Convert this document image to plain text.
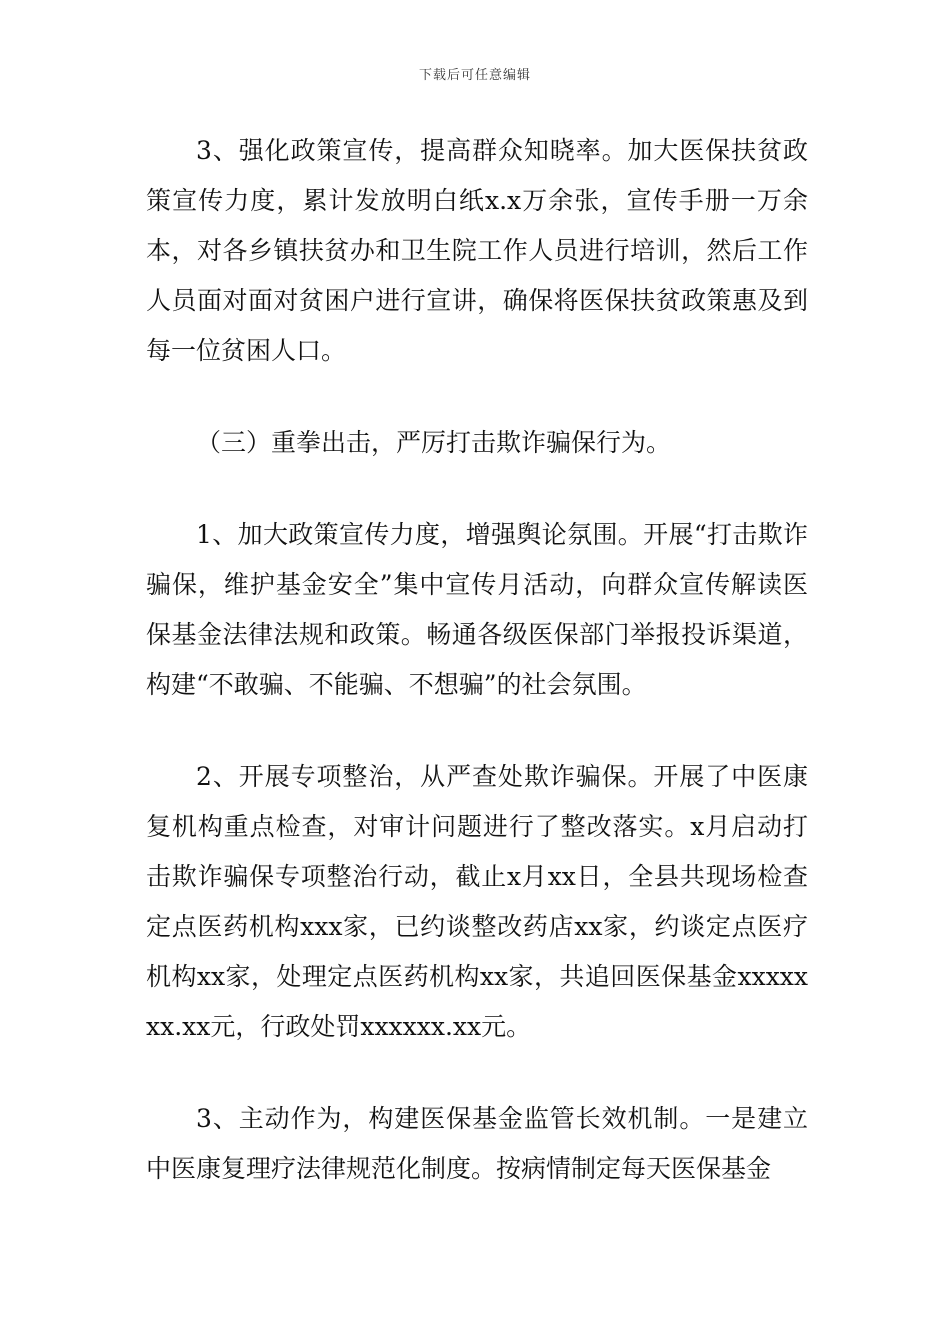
下载后可任意编辑

3、强化政策宣传，提高群众知晓率。加大医保扶贫政策宣传力度，累计发放明白纸x.x万余张，宣传手册一万余本，对各乡镇扶贫办和卫生院工作人员进行培训，然后工作人员面对面对贫困户进行宣讲，确保将医保扶贫政策惠及到每一位贫困人口。

（三）重拳出击，严厉打击欺诈骗保行为。

1、加大政策宣传力度，增强舆论氛围。开展“打击欺诈骗保，维护基金安全”集中宣传月活动，向群众宣传解读医保基金法律法规和政策。畅通各级医保部门举报投诉渠道，构建“不敢骗、不能骗、不想骗”的社会氛围。

2、开展专项整治，从严查处欺诈骗保。开展了中医康复机构重点检查，对审计问题进行了整改落实。x月启动打击欺诈骗保专项整治行动，截止x月xx日，全县共现场检查定点医药机构xxx家，已约谈整改药店xx家，约谈定点医疗机构xx家，处理定点医药机构xx家，共追回医保基金xxxxxxx.xx元，行政处罚xxxxxx.xx元。

3、主动作为，构建医保基金监管长效机制。一是建立中医康复理疗法律规范化制度。按病情制定每天医保基金
